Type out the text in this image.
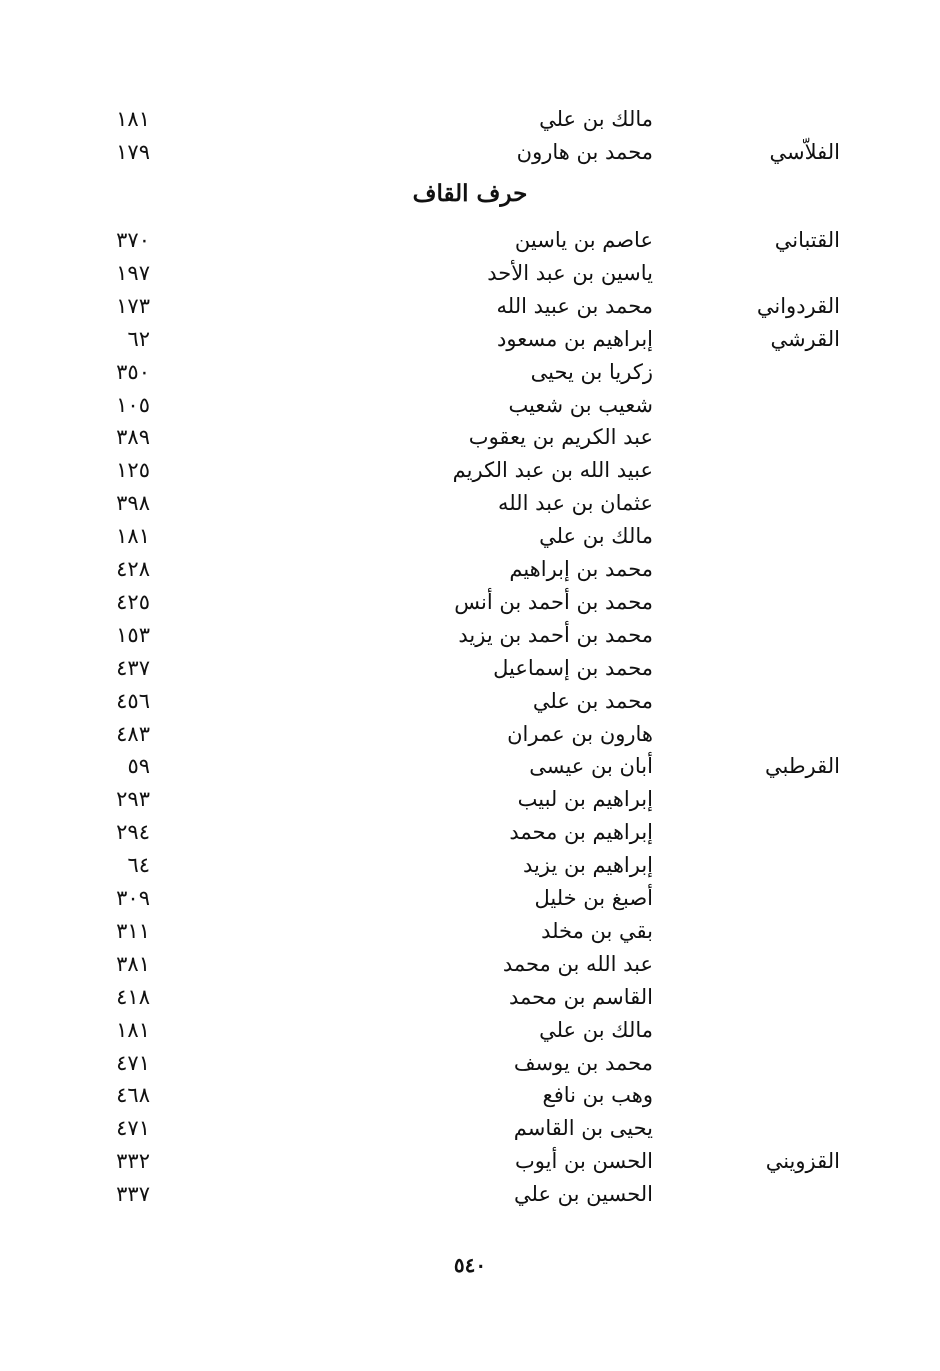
مالك بن علي
١٨١
الفلاّسي
محمد بن هارون
١٧٩
حرف القاف
القتباني
عاصم بن ياسين
٣٧٠
ياسين بن عبد الأحد
١٩٧
القردواني
محمد بن عبيد الله
١٧٣
القرشي
إبراهيم بن مسعود
٦٢
زكريا بن يحيى
٣٥٠
شعيب بن شعيب
١٠٥
عبد الكريم بن يعقوب
٣٨٩
عبيد الله بن عبد الكريم
١٢٥
عثمان بن عبد الله
٣٩٨
مالك بن علي
١٨١
محمد بن إبراهيم
٤٢٨
محمد بن أحمد بن أنس
٤٢٥
محمد بن أحمد بن يزيد
١٥٣
محمد بن إسماعيل
٤٣٧
محمد بن علي
٤٥٦
هارون بن عمران
٤٨٣
القرطبي
أبان بن عيسى
٥٩
إبراهيم بن لبيب
٢٩٣
إبراهيم بن محمد
٢٩٤
إبراهيم بن يزيد
٦٤
أصبغ بن خليل
٣٠٩
بقي بن مخلد
٣١١
عبد الله بن محمد
٣٨١
القاسم بن محمد
٤١٨
مالك بن علي
١٨١
محمد بن يوسف
٤٧١
وهب بن نافع
٤٦٨
يحيى بن القاسم
٤٧١
القزويني
الحسن بن أيوب
٣٣٢
الحسين بن علي
٣٣٧
٥٤٠
